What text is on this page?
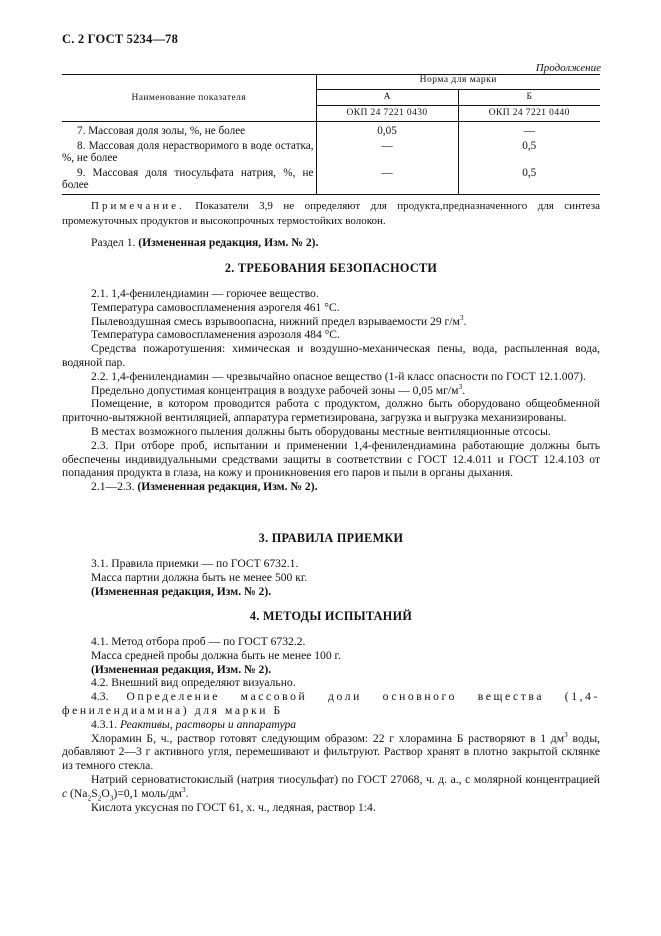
С. 2 ГОСТ 5234—78
Продолжение
Наименование показателя	Норма для марки	
	А	Б
	ОКП 24 7221 0430	ОКП 24 7221 0440
7. Массовая доля золы, %, не более	0,05	—
8. Массовая доля нерастворимого в воде остатка, %, не более	—	0,5
9. Массовая доля тиосульфата натрия, %, не более	—	0,5
Примечание. Показатели 3,9 не определяют для продукта,предназначенного для синтеза промежуточных продуктов и высокопрочных термостойких волокон.

Раздел 1. (Измененная редакция, Изм. № 2).

2. ТРЕБОВАНИЯ БЕЗОПАСНОСТИ

2.1. 1,4-фенилендиамин — горючее вещество.

Температура самовоспламенения аэрогеля 461 °С.

Пылевоздушная смесь взрывоопасна, нижний предел взрываемости 29 $г/м^3$.

Температура самовоспламенения аэрозоля 484 °С.

Средства пожаротушения: химическая и воздушно-механическая пены, вода, распыленная вода, водяной пар.

2.2. 1,4-фенилендиамин — чрезвычайно опасное вещество (1-й класс опасности по ГОСТ 12.1.007).

Предельно допустимая концентрация в воздухе рабочей зоны — 0,05 $мг/м^3$.

Помещение, в котором проводится работа с продуктом, должно быть оборудовано общеобменной приточно-вытяжной вентиляцией, аппаратура герметизирована, загрузка и выгрузка механизированы.

В местах возможного пыления должны быть оборудованы местные вентиляционные отсосы.

2.3. При отборе проб, испытании и применении 1,4-фенилендиамина работающие должны быть обеспечены индивидуальными средствами защиты в соответствии с ГОСТ 12.4.011 и ГОСТ 12.4.103 от попадания продукта в глаза, на кожу и проникновения его паров и пыли в органы дыхания.

2.1—2.3. (Измененная редакция, Изм. № 2).

3. ПРАВИЛА ПРИЕМКИ

3.1. Правила приемки — по ГОСТ 6732.1.

Масса партии должна быть не менее 500 кг.

(Измененная редакция, Изм. № 2).

4. МЕТОДЫ ИСПЫТАНИЙ

4.1. Метод отбора проб — по ГОСТ 6732.2.

Масса средней пробы должна быть не менее 100 г.

(Измененная редакция, Изм. № 2).

4.2. Внешний вид определяют визуально.

4.3. Определение массовой доли основного вещества (1,4-фенилендиамина) для марки Б

4.3.1. Реактивы, растворы и аппаратура

Хлорамин Б, ч., раствор готовят следующим образом: 22 г хлорамина Б растворяют в 1 $дм^3$ воды, добавляют 2—3 г активного угля, перемешивают и фильтруют. Раствор хранят в плотно закрытой склянке из темного стекла.

Натрий серноватистокислый (натрия тиосульфат) по ГОСТ 27068, ч. д. а., с молярной концентрацией c $(Na_2S_2O_3)=0,1$ моль/$дм^3$.

Кислота уксусная по ГОСТ 61, х. ч., ледяная, раствор 1:4.
